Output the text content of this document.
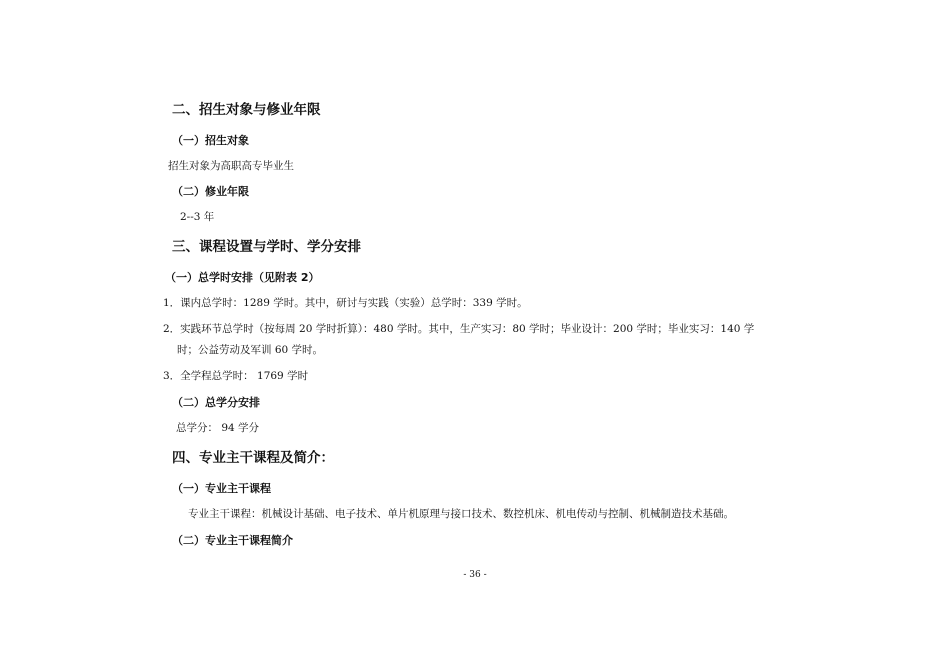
二、招生对象与修业年限
（一）招生对象
招生对象为高职高专毕业生
（二）修业年限
2--3 年
三、课程设置与学时、学分安排
（一）总学时安排（见附表 2）
1．课内总学时：1289 学时。其中，研讨与实践（实验）总学时：339 学时。
2．实践环节总学时（按每周 20 学时折算）：480 学时。其中，生产实习：80 学时；毕业设计：200 学时；毕业实习：140 学
时；公益劳动及军训 60 学时。
3．全学程总学时： 1769 学时
（二）总学分安排
总学分： 94 学分
四、专业主干课程及简介：
（一）专业主干课程
专业主干课程：机械设计基础、电子技术、单片机原理与接口技术、数控机床、机电传动与控制、机械制造技术基础。
（二）专业主干课程简介
- 36 -
